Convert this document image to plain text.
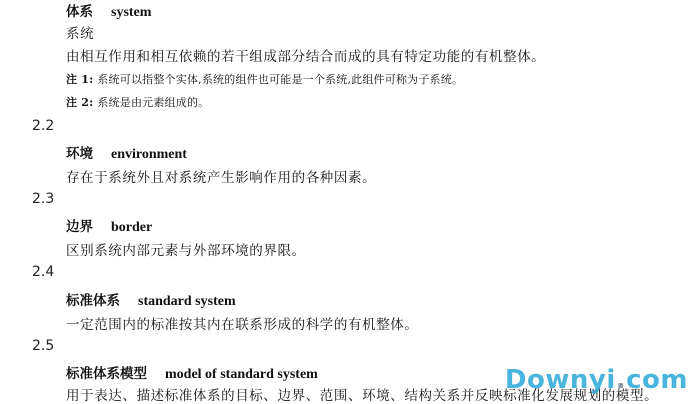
体系 system
系统
由相互作用和相互依赖的若干组成部分结合而成的具有特定功能的有机整体。
注 1: 系统可以指整个实体,系统的组件也可能是一个系统,此组件可称为子系统。
注 2: 系统是由元素组成的。
2.2
环境 environment
存在于系统外且对系统产生影响作用的各种因素。
2.3
边界 border
区别系统内部元素与外部环境的界限。
2.4
标准体系 standard system
一定范围内的标准按其内在联系形成的科学的有机整体。
2.5
标准体系模型 model of standard system
用于表达、描述标准体系的目标、边界、范围、环境、结构关系并反映标准化发展规划的模型。
Downyi.com
